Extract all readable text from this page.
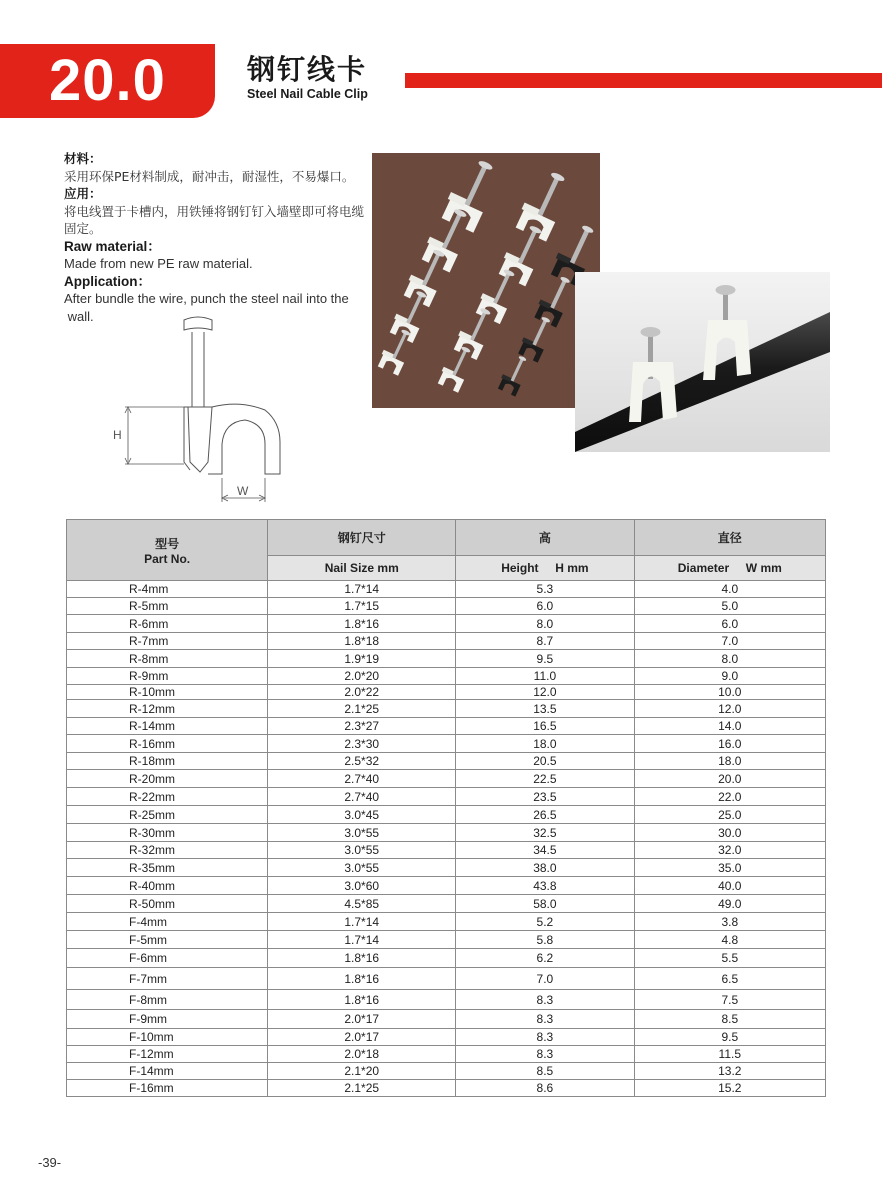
20.0	钢钉线卡
Steel Nail Cable Clip
材料：
采用环保PE材料制成，耐冲击，耐湿性，不易爆口。
应用：
将电线置于卡槽内，用铁锤将钢钉钉入墙壁即可将电缆
固定。
Raw material：
Made from new PE raw material.
Application：
After bundle the wire, punch the steel nail into the
wall.
H
W
型号
Part No.	钢钉尺寸	高	直径
	Nail Size mm	Height     H mm	Diameter     W mm
R-4mm	1.7*14	5.3	4.0
R-5mm	1.7*15	6.0	5.0
R-6mm	1.8*16	8.0	6.0
R-7mm	1.8*18	8.7	7.0
R-8mm	1.9*19	9.5	8.0
R-9mm	2.0*20	11.0	9.0
R-10mm	2.0*22	12.0	10.0
R-12mm	2.1*25	13.5	12.0
R-14mm	2.3*27	16.5	14.0
R-16mm	2.3*30	18.0	16.0
R-18mm	2.5*32	20.5	18.0
R-20mm	2.7*40	22.5	20.0
R-22mm	2.7*40	23.5	22.0
R-25mm	3.0*45	26.5	25.0
R-30mm	3.0*55	32.5	30.0
R-32mm	3.0*55	34.5	32.0
R-35mm	3.0*55	38.0	35.0
R-40mm	3.0*60	43.8	40.0
R-50mm	4.5*85	58.0	49.0
F-4mm	1.7*14	5.2	3.8
F-5mm	1.7*14	5.8	4.8
F-6mm	1.8*16	6.2	5.5
F-7mm	1.8*16	7.0	6.5
F-8mm	1.8*16	8.3	7.5
F-9mm	2.0*17	8.3	8.5
F-10mm	2.0*17	8.3	9.5
F-12mm	2.0*18	8.3	11.5
F-14mm	2.1*20	8.5	13.2
F-16mm	2.1*25	8.6	15.2
-39-
